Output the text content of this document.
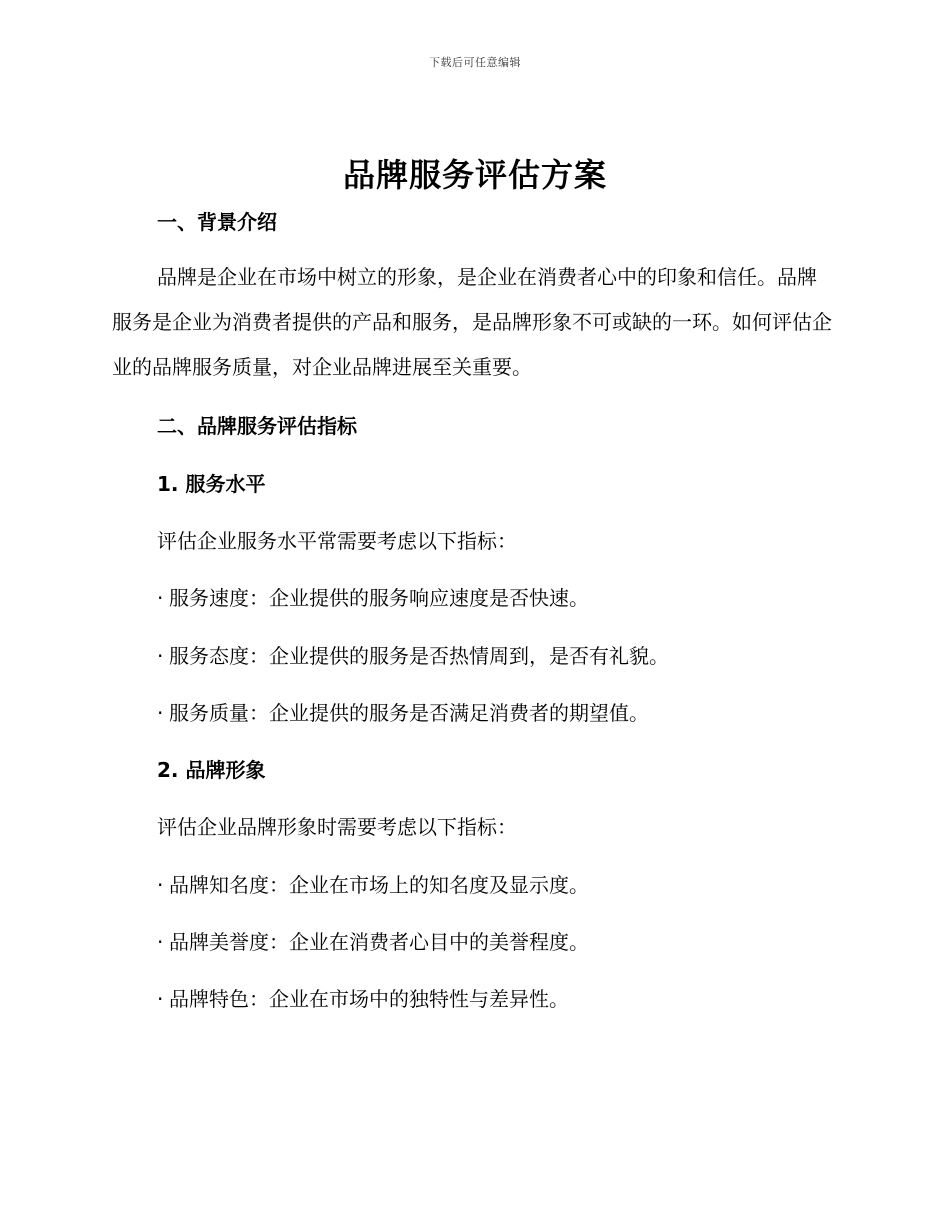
下载后可任意编辑
品牌服务评估方案
一、背景介绍
品牌是企业在市场中树立的形象，是企业在消费者心中的印象和信任。品牌服务是企业为消费者提供的产品和服务，是品牌形象不可或缺的一环。如何评估企业的品牌服务质量，对企业品牌进展至关重要。
二、品牌服务评估指标
1. 服务水平
评估企业服务水平常需要考虑以下指标：
· 服务速度：企业提供的服务响应速度是否快速。
· 服务态度：企业提供的服务是否热情周到，是否有礼貌。
· 服务质量：企业提供的服务是否满足消费者的期望值。
2. 品牌形象
评估企业品牌形象时需要考虑以下指标：
· 品牌知名度：企业在市场上的知名度及显示度。
· 品牌美誉度：企业在消费者心目中的美誉程度。
· 品牌特色：企业在市场中的独特性与差异性。
